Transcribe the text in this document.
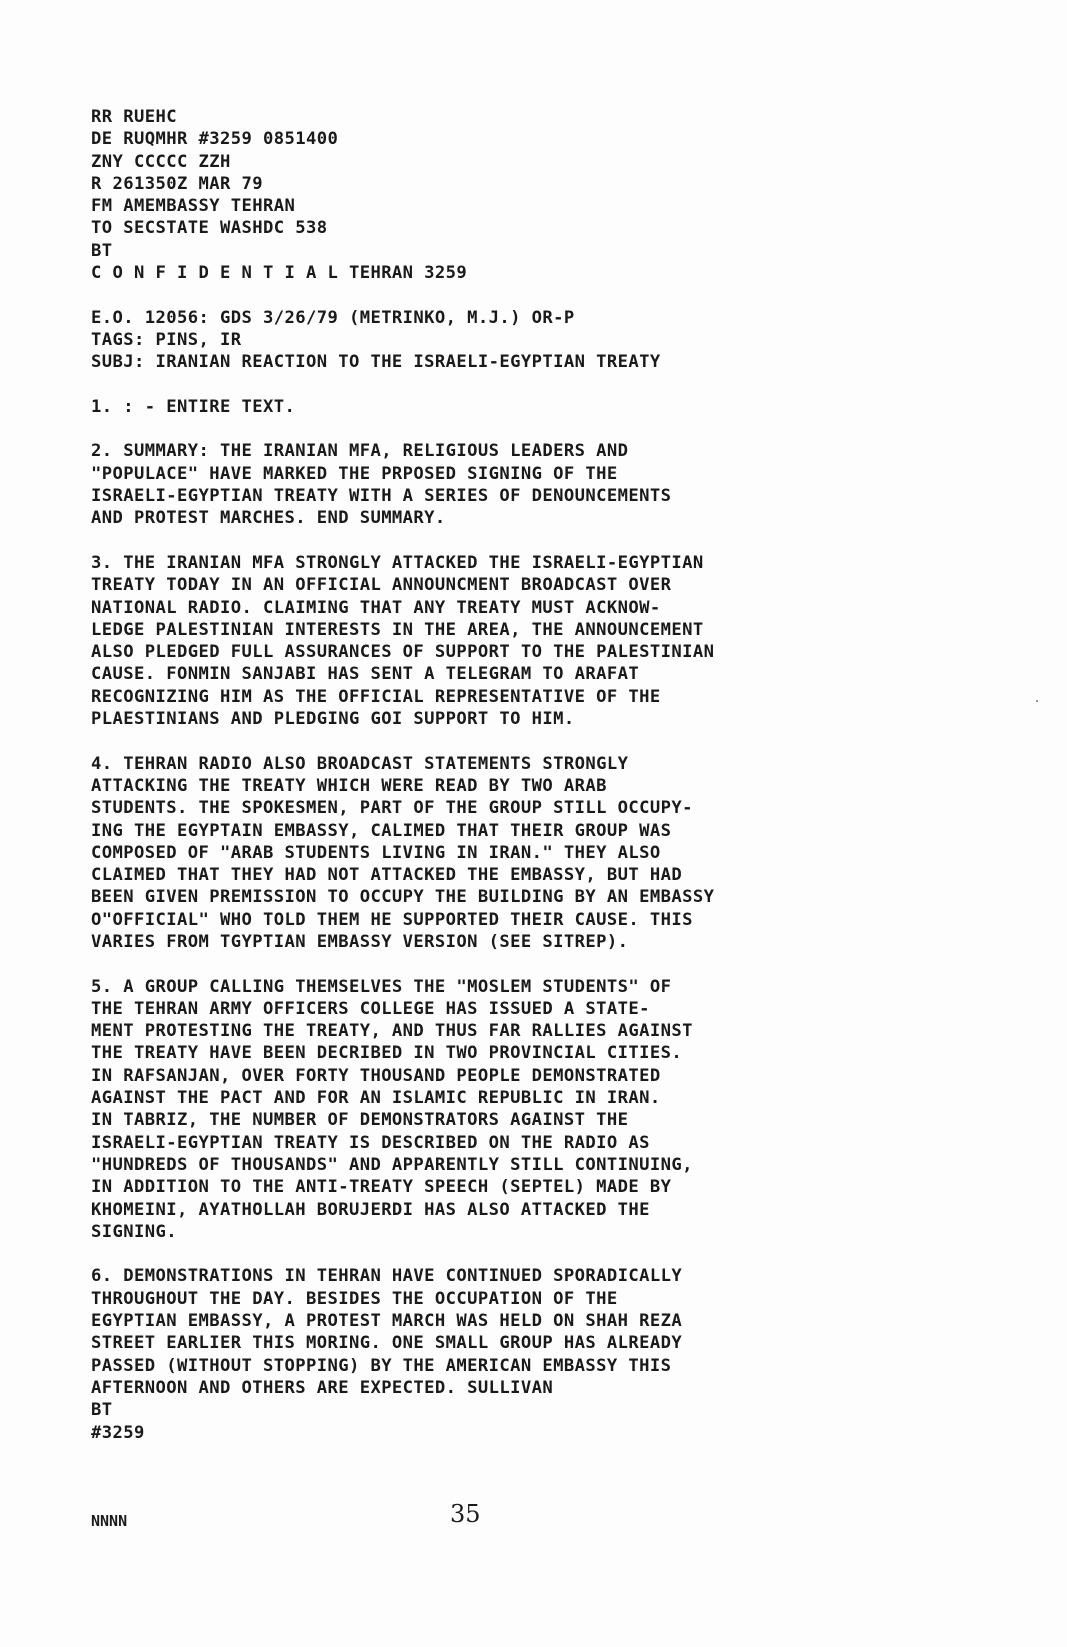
RR RUEHC
DE RUQMHR #3259 0851400
ZNY CCCCC ZZH
R 261350Z MAR 79
FM AMEMBASSY TEHRAN
TO SECSTATE WASHDC 538
BT
C O N F I D E N T I A L TEHRAN 3259
E.O. 12056: GDS 3/26/79 (METRINKO, M.J.) OR-P
TAGS: PINS, IR
SUBJ: IRANIAN REACTION TO THE ISRAELI-EGYPTIAN TREATY
1. : - ENTIRE TEXT.
2. SUMMARY: THE IRANIAN MFA, RELIGIOUS LEADERS AND
"POPULACE" HAVE MARKED THE PRPOSED SIGNING OF THE
ISRAELI-EGYPTIAN TREATY WITH A SERIES OF DENOUNCEMENTS
AND PROTEST MARCHES. END SUMMARY.
3. THE IRANIAN MFA STRONGLY ATTACKED THE ISRAELI-EGYPTIAN
TREATY TODAY IN AN OFFICIAL ANNOUNCMENT BROADCAST OVER
NATIONAL RADIO. CLAIMING THAT ANY TREATY MUST ACKNOW-
LEDGE PALESTINIAN INTERESTS IN THE AREA, THE ANNOUNCEMENT
ALSO PLEDGED FULL ASSURANCES OF SUPPORT TO THE PALESTINIAN
CAUSE. FONMIN SANJABI HAS SENT A TELEGRAM TO ARAFAT
RECOGNIZING HIM AS THE OFFICIAL REPRESENTATIVE OF THE
PLAESTINIANS AND PLEDGING GOI SUPPORT TO HIM.
4. TEHRAN RADIO ALSO BROADCAST STATEMENTS STRONGLY
ATTACKING THE TREATY WHICH WERE READ BY TWO ARAB
STUDENTS. THE SPOKESMEN, PART OF THE GROUP STILL OCCUPY-
ING THE EGYPTAIN EMBASSY, CALIMED THAT THEIR GROUP WAS
COMPOSED OF "ARAB STUDENTS LIVING IN IRAN." THEY ALSO
CLAIMED THAT THEY HAD NOT ATTACKED THE EMBASSY, BUT HAD
BEEN GIVEN PREMISSION TO OCCUPY THE BUILDING BY AN EMBASSY
O"OFFICIAL" WHO TOLD THEM HE SUPPORTED THEIR CAUSE. THIS
VARIES FROM TGYPTIAN EMBASSY VERSION (SEE SITREP).
5. A GROUP CALLING THEMSELVES THE "MOSLEM STUDENTS" OF
THE TEHRAN ARMY OFFICERS COLLEGE HAS ISSUED A STATE-
MENT PROTESTING THE TREATY, AND THUS FAR RALLIES AGAINST
THE TREATY HAVE BEEN DECRIBED IN TWO PROVINCIAL CITIES.
IN RAFSANJAN, OVER FORTY THOUSAND PEOPLE DEMONSTRATED
AGAINST THE PACT AND FOR AN ISLAMIC REPUBLIC IN IRAN.
IN TABRIZ, THE NUMBER OF DEMONSTRATORS AGAINST THE
ISRAELI-EGYPTIAN TREATY IS DESCRIBED ON THE RADIO AS
"HUNDREDS OF THOUSANDS" AND APPARENTLY STILL CONTINUING,
IN ADDITION TO THE ANTI-TREATY SPEECH (SEPTEL) MADE BY
KHOMEINI, AYATHOLLAH BORUJERDI HAS ALSO ATTACKED THE
SIGNING.
6. DEMONSTRATIONS IN TEHRAN HAVE CONTINUED SPORADICALLY
THROUGHOUT THE DAY. BESIDES THE OCCUPATION OF THE
EGYPTIAN EMBASSY, A PROTEST MARCH WAS HELD ON SHAH REZA
STREET EARLIER THIS MORING. ONE SMALL GROUP HAS ALREADY
PASSED (WITHOUT STOPPING) BY THE AMERICAN EMBASSY THIS
AFTERNOON AND OTHERS ARE EXPECTED. SULLIVAN
BT
#3259
NNNN	35
